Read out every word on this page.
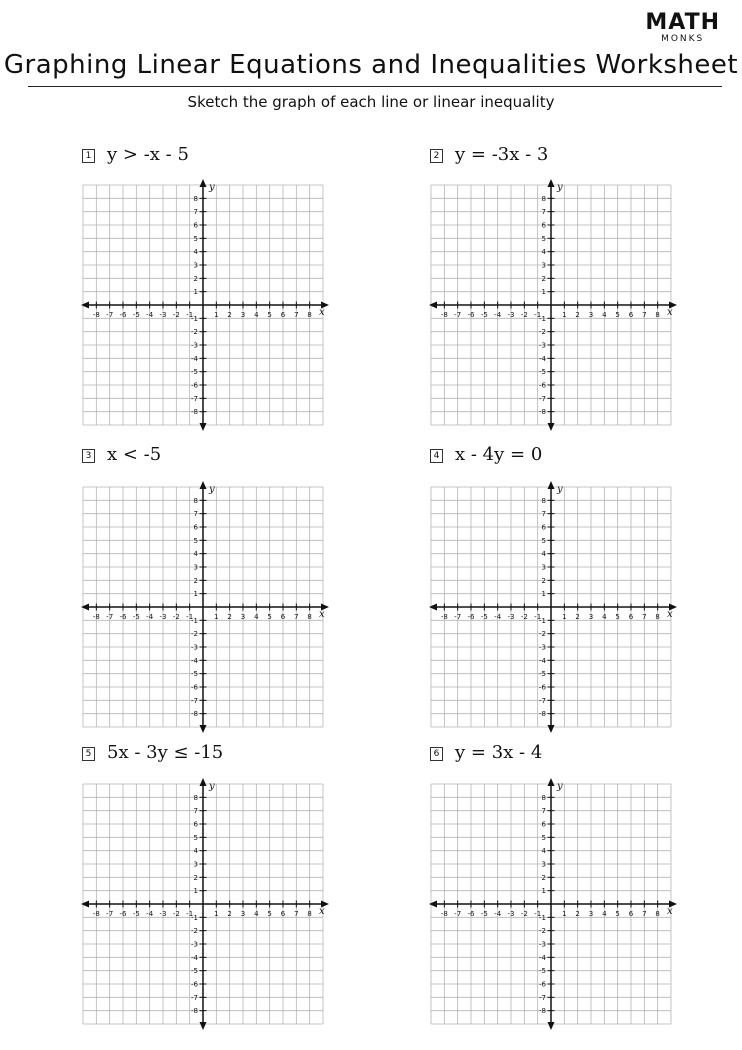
MATH
MONKS
Graphing Linear Equations and Inequalities Worksheet
Sketch the graph of each line or linear inequality
1 y > -x - 5	2 y = -3x - 3
3 x < -5	4 x - 4y = 0
5 5x - 3y ≤ -15	6 y = 3x - 4
-8 -7 -6 -5 -4 -3 -2 -1	1 2 3 4 5 6 7 8
8
7
6
5
4
3
2
1
-1
-2
-3
-4
-5
-6
-7
-8
x
y
-8 -7 -6 -5 -4 -3 -2 -1	1 2 3 4 5 6 7 8
8
7
6
5
4
3
2
1
-1
-2
-3
-4
-5
-6
-7
-8
x
y
-8 -7 -6 -5 -4 -3 -2 -1	1 2 3 4 5 6 7 8
8
7
6
5
4
3
2
1
-1
-2
-3
-4
-5
-6
-7
-8
x
y
-8 -7 -6 -5 -4 -3 -2 -1	1 2 3 4 5 6 7 8
8
7
6
5
4
3
2
1
-1
-2
-3
-4
-5
-6
-7
-8
x
y
-8 -7 -6 -5 -4 -3 -2 -1	1 2 3 4 5 6 7 8
8
7
6
5
4
3
2
1
-1
-2
-3
-4
-5
-6
-7
-8
x
y
-8 -7 -6 -5 -4 -3 -2 -1	1 2 3 4 5 6 7 8
8
7
6
5
4
3
2
1
-1
-2
-3
-4
-5
-6
-7
-8
x
y
